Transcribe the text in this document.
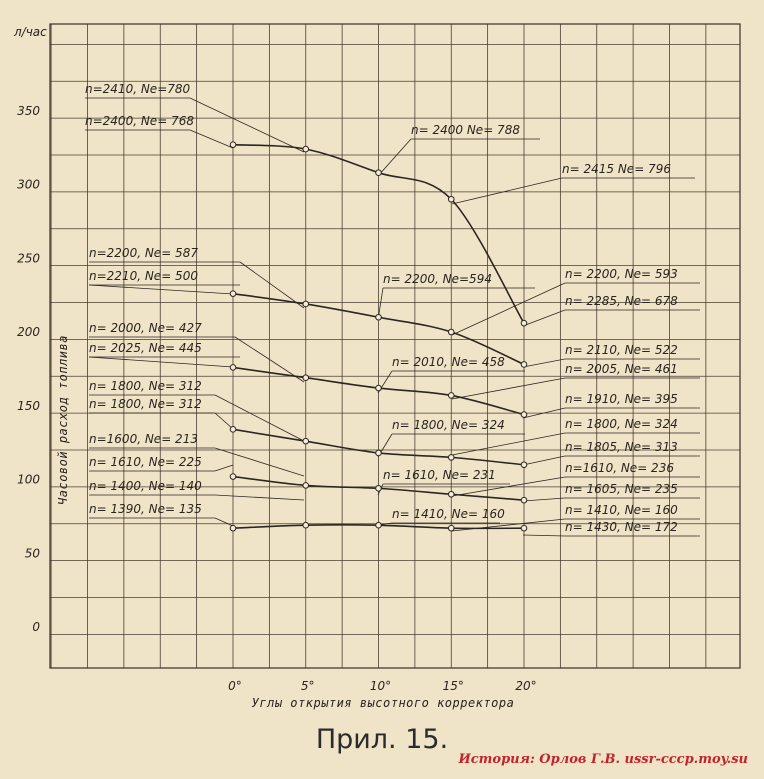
0
50
100
150
200
250
300
350
л/час
Часовой расход топлива
0°	5°	10°	15°	20°
Углы открытия высотного корректора
n=2410, Nе=780
n=2400, Nе= 768
n= 2400 Nе= 788
n= 2415 Nе= 796
n=2200, Nе= 587
n=2210, Nе= 500	n= 2200, Nе=594	n= 2200, Nе= 593
n= 2285, Nе= 678
n= 2000, Nе= 427
n= 2025, Nе= 445
n= 2010, Nе= 458
n= 2110, Nе= 522
n= 2005, Nе= 461
n= 1800, Nе= 312
n= 1800, Nе= 312	n= 1910, Nе= 395
n= 1800, Nе= 324	n= 1800, Nе= 324
n=1600, Nе= 213
n= 1610, Nе= 225
n= 1610, Nе= 231
n= 1805, Nе= 313
n=1610, Nе= 236
n= 1400, Nе= 140
n= 1390, Nе= 135	n= 1410, Nе= 160
n= 1605, Nе= 235
n= 1410, Nе= 160
n= 1430, Nе= 172
Прил. 15.
История: Орлов Г.В. ussr-cccp.moy.su
